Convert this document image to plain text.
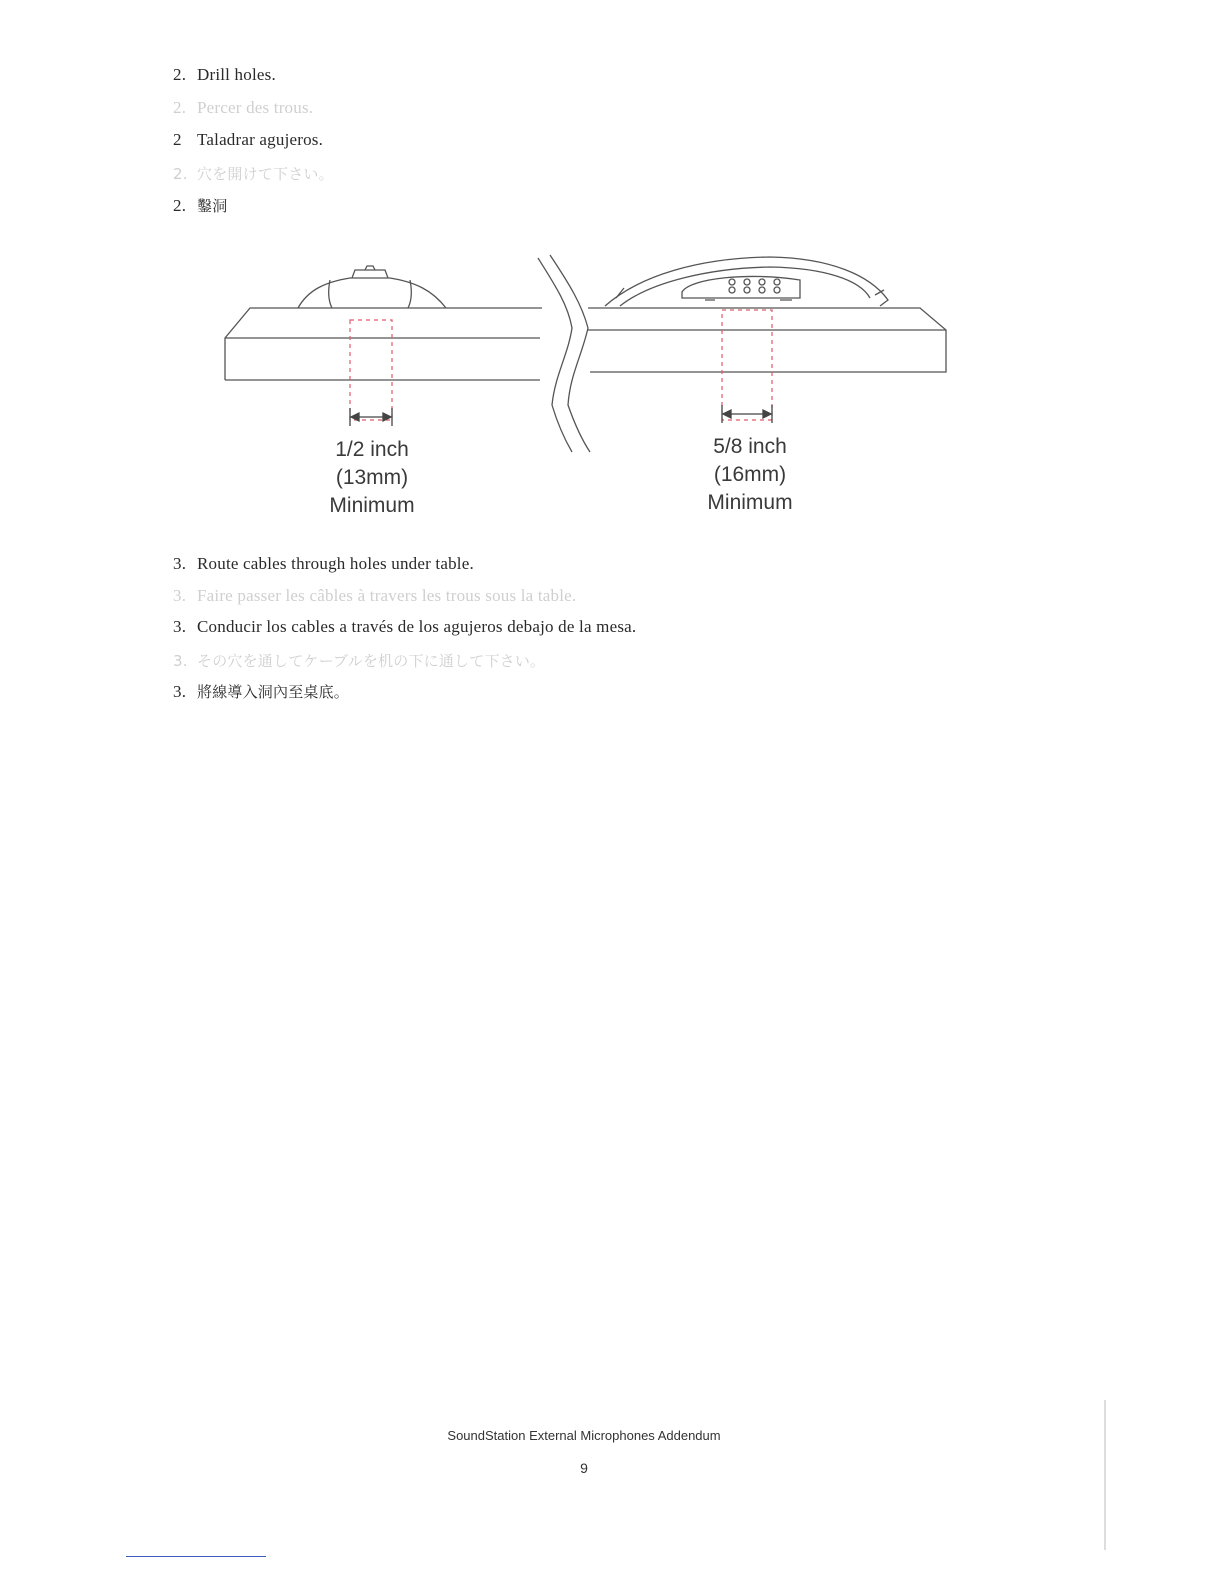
2. Drill holes.
2. Percer des trous.
2 Taladrar agujeros.
2. 穴を開けて下さい。
2. 鑿洞
1/2 inch
(13mm)
Minimum
5/8 inch
(16mm)
Minimum
3. Route cables through holes under table.
3. Faire passer les câbles à travers les trous sous la table.
3. Conducir los cables a través de los agujeros debajo de la mesa.
3. その穴を通してケーブルを机の下に通して下さい。
3. 將線導入洞內至桌底。
SoundStation External Microphones Addendum
9
